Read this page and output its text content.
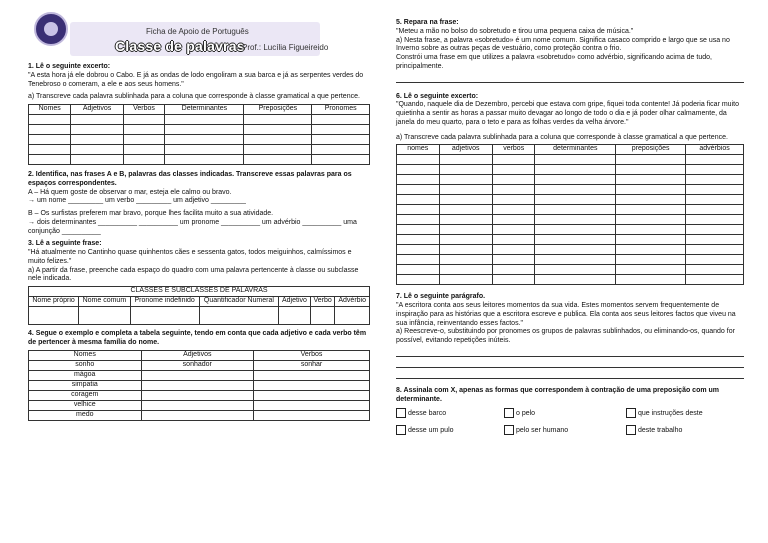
Ficha de Apoio de Português
Classe de palavras
Prof.: Lucília Figueireido

1. Lê o seguinte excerto:

"A esta hora já ele dobrou o Cabo. E já as ondas de lodo engoliram a sua barca e já as serpentes verdes do Tenebroso o comeram, a ele e aos seus homens."

a) Transcreve cada palavra sublinhada para a coluna que corresponde à classe gramatical a que pertence.

Nomes	Adjetivos	Verbos	Determinantes	Preposições	Pronomes

2. Identifica, nas frases A e B, palavras das classes indicadas. Transcreve essas palavras para os espaços correspondentes.

A – Há quem goste de observar o mar, esteja ele calmo ou bravo.

→ um nome _________ um verbo _________ um adjetivo _________

B – Os surfistas preferem mar bravo, porque lhes facilita muito a sua atividade.

→ dois determinantes __________ __________ um pronome __________ um advérbio __________ uma conjunção __________

3. Lê a seguinte frase:

"Há atualmente no Cantinho quase quinhentos cães e sessenta gatos, todos meiguinhos, calmíssimos e muito felizes."

a) A partir da frase, preenche cada espaço do quadro com uma palavra pertencente à classe ou subclasse nele indicada.

CLASSES E SUBCLASSES DE PALAVRAS						
Nome próprio	Nome comum	Pronome indefinido	Quantificador Numeral	Adjetivo	Verbo	Advérbio

4. Segue o exemplo e completa a tabela seguinte, tendo em conta que cada adjetivo e cada verbo têm de pertencer à mesma família do nome.

Nomes	Adjetivos	Verbos
sonho	sonhador	sonhar
mágoa		
simpatia		
coragem		
velhice		
medo		

5. Repara na frase:

"Meteu a mão no bolso do sobretudo e tirou uma pequena caixa de música."

a) Nesta frase, a palavra «sobretudo» é um nome comum. Significa casaco comprido e largo que se usa no Inverno sobre as outras peças de vestuário, como proteção contra o frio.

Constrói uma frase em que utilizes a palavra «sobretudo» como advérbio, significando acima de tudo, principalmente.

6. Lê o seguinte excerto:

"Quando, naquele dia de Dezembro, percebi que estava com gripe, fiquei toda contente! Já poderia ficar muito quietinha a sentir as horas a passar muito devagar ao longo de todo o dia e já poder olhar calmamente, da janela do meu quarto, para o teto e para as folhas verdes da velha árvore."

a) Transcreve cada palavra sublinhada para a coluna que corresponde à classe gramatical a que pertence.

nomes	adjetivos	verbos	determinantes	preposições	advérbios

7. Lê o seguinte parágrafo.

"A escritora conta aos seus leitores momentos da sua vida. Estes momentos servem frequentemente de inspiração para as histórias que a escritora escreve e publica. Ela conta aos seus leitores factos que viveu na sua infância, reinventando esses factos."

a) Reescreve-o, substituindo por pronomes os grupos de palavras sublinhados, ou eliminando-os, quando for possível, evitando repetições inúteis.

8. Assinala com X, apenas as formas que correspondem à contração de uma preposição com um determinante.

desse barco	o pelo	que instruções deste
desse um pulo	pelo ser humano	deste trabalho
